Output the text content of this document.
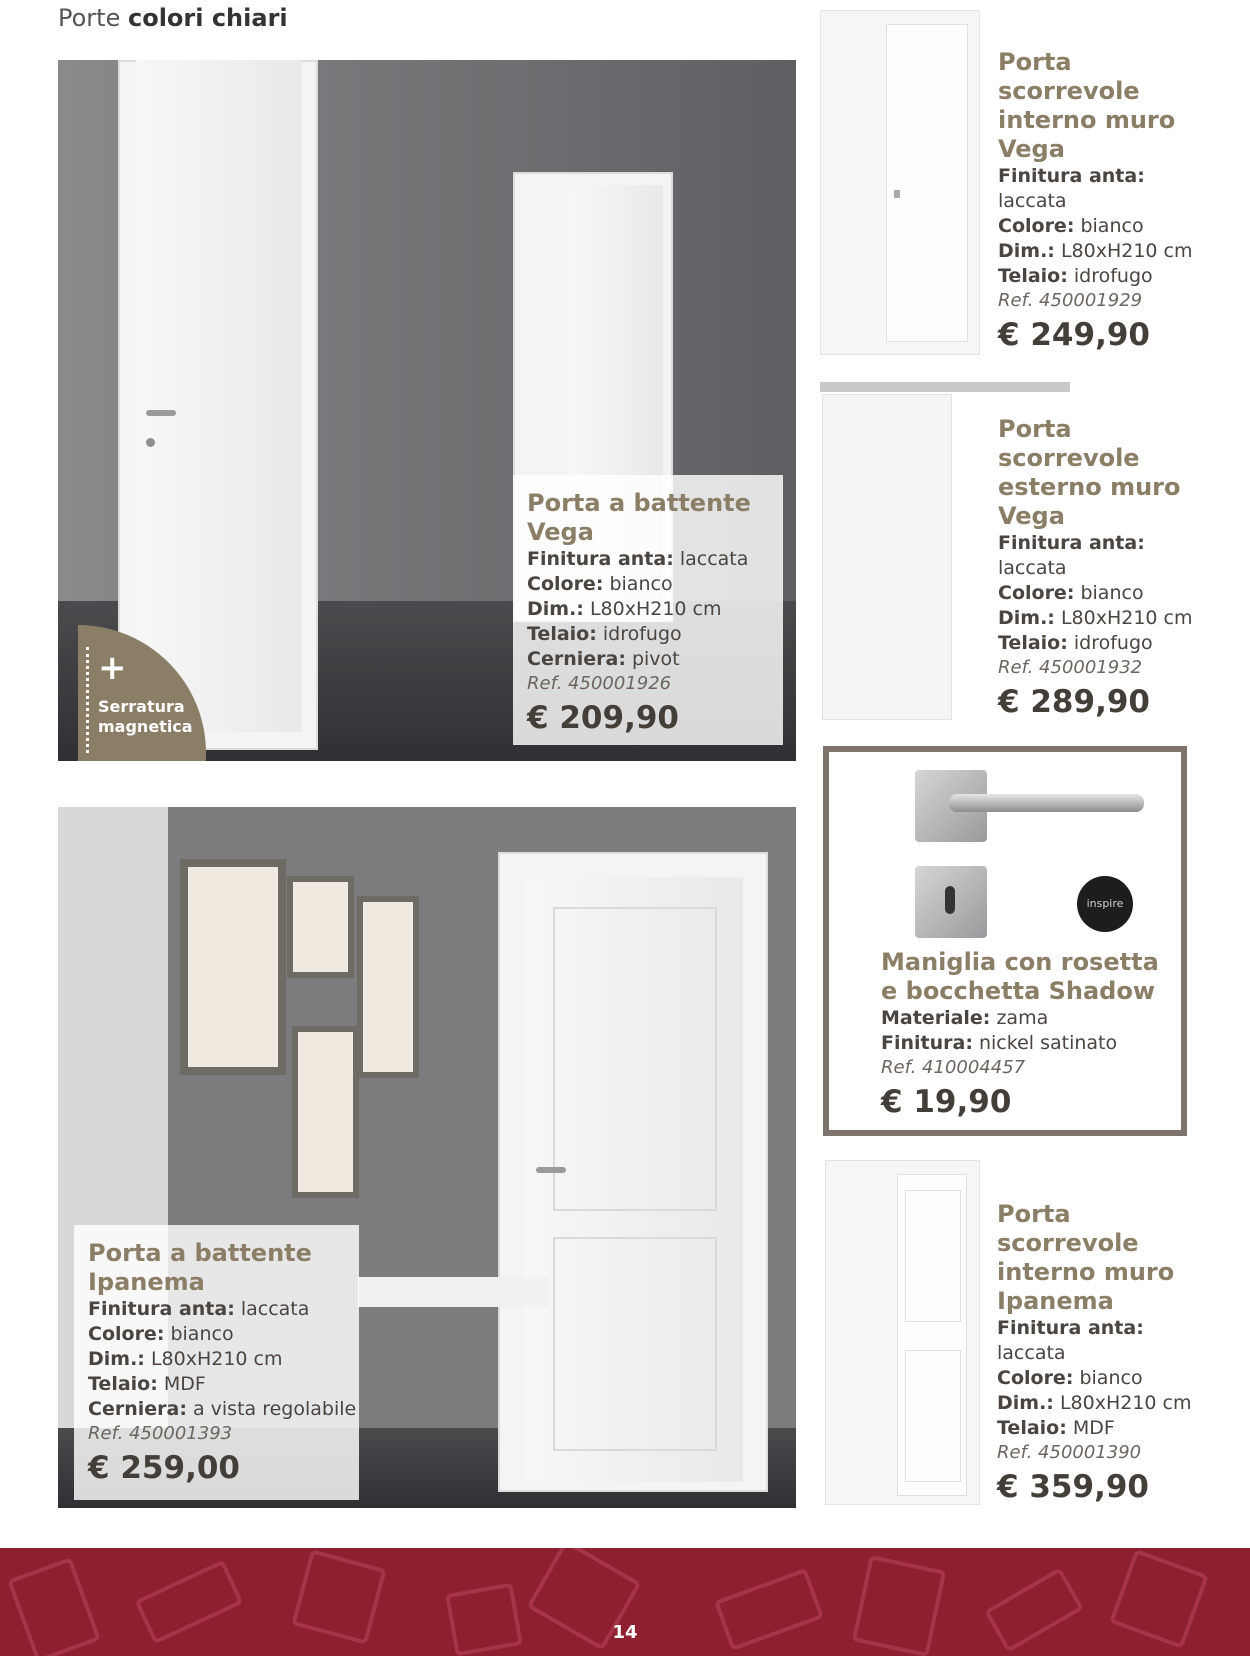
Porte colori chiari
+
Serratura
magnetica
Porta a battente
Vega
Finitura anta: laccata
Colore: bianco
Dim.: L80xH210 cm
Telaio: idrofugo
Cerniera: pivot
Ref. 450001926
€ 209,90
Porta a battente
Ipanema
Finitura anta: laccata
Colore: bianco
Dim.: L80xH210 cm
Telaio: MDF
Cerniera: a vista regolabile
Ref. 450001393
€ 259,00
Porta
scorrevole
interno muro
Vega
Finitura anta:
laccata
Colore: bianco
Dim.: L80xH210 cm
Telaio: idrofugo
Ref. 450001929
€ 249,90
Porta
scorrevole
esterno muro
Vega
Finitura anta:
laccata
Colore: bianco
Dim.: L80xH210 cm
Telaio: idrofugo
Ref. 450001932
€ 289,90
inspire
Maniglia con rosetta
e bocchetta Shadow
Materiale: zama
Finitura: nickel satinato
Ref. 410004457
€ 19,90
Porta
scorrevole
interno muro
Ipanema
Finitura anta:
laccata
Colore: bianco
Dim.: L80xH210 cm
Telaio: MDF
Ref. 450001390
€ 359,90
14
